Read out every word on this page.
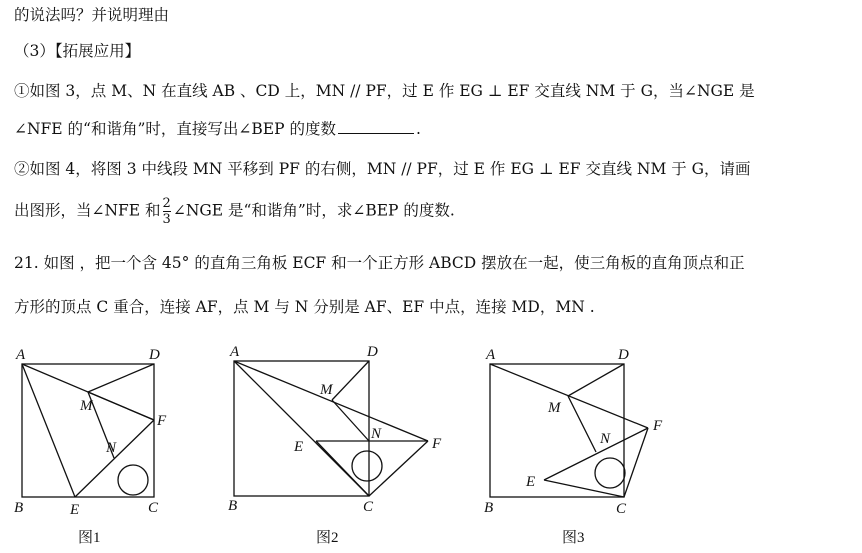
的说法吗？并说明理由
（3）【拓展应用】
①如图 3，点 M、N 在直线 AB 、CD 上，MN // PF，过 E 作 EG ⊥ EF 交直线 NM 于 G，当∠NGE 是
∠NFE 的“和谐角”时，直接写出∠BEP 的度数	.
②如图 4，将图 3 中线段 MN 平移到 PF 的右侧，MN // PF，过 E 作 EG ⊥ EF 交直线 NM 于 G，请画
出图形，当∠NFE 和 $\frac{2}{3}$ ∠NGE 是“和谐角”时，求∠BEP 的度数.
21. 如图 ，把一个含 45° 的直角三角板 ECF 和一个正方形 ABCD 摆放在一起，使三角板的直角顶点和正
方形的顶点 C 重合，连接 AF，点 M 与 N 分别是 AF、EF 中点，连接 MD，MN .
A	D
M
F
N
B	E	C
图1
A	D
M
N
E	F
B	C
图2
A	D
M
F
N
E
B	C
图3
